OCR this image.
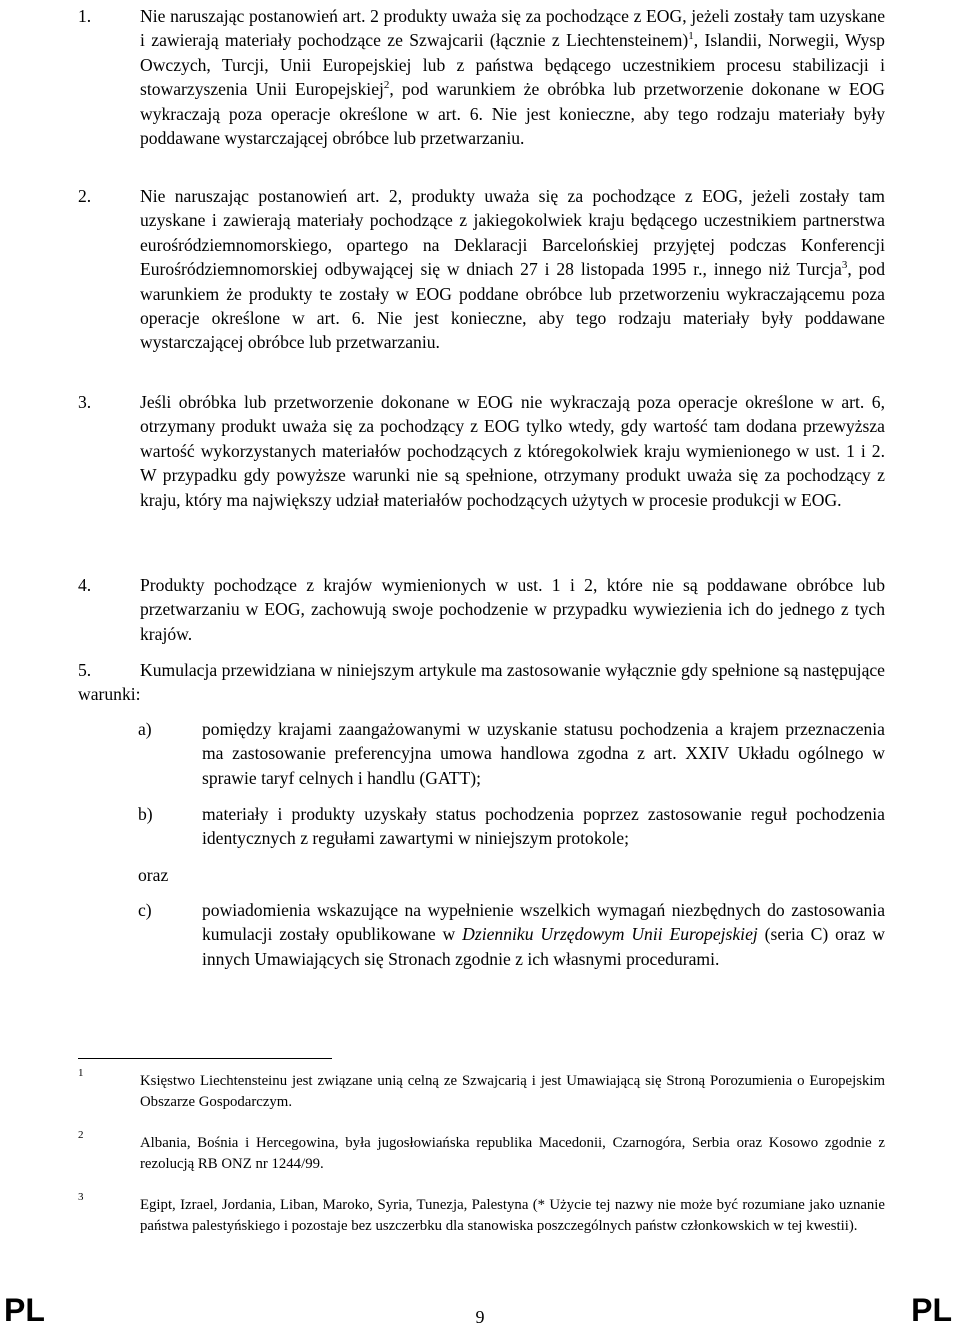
1.	Nie naruszając postanowień art. 2 produkty uważa się za pochodzące z EOG, jeżeli zostały tam uzyskane i zawierają materiały pochodzące ze Szwajcarii (łącznie z Liechtensteinem)$^1$, Islandii, Norwegii, Wysp Owczych, Turcji, Unii Europejskiej lub z państwa będącego uczestnikiem procesu stabilizacji i stowarzyszenia Unii Europejskiej$^2$, pod warunkiem że obróbka lub przetworzenie dokonane w EOG wykraczają poza operacje określone w art. 6. Nie jest konieczne, aby tego rodzaju materiały były poddawane wystarczającej obróbce lub przetwarzaniu.
2.	Nie naruszając postanowień art. 2, produkty uważa się za pochodzące z EOG, jeżeli zostały tam uzyskane i zawierają materiały pochodzące z jakiegokolwiek kraju będącego uczestnikiem partnerstwa eurośródziemnomorskiego, opartego na Deklaracji Barcelońskiej przyjętej podczas Konferencji Eurośródziemnomorskiej odbywającej się w dniach 27 i 28 listopada 1995 r., innego niż Turcja$^3$, pod warunkiem że produkty te zostały w EOG poddane obróbce lub przetworzeniu wykraczającemu poza operacje określone w art. 6. Nie jest konieczne, aby tego rodzaju materiały były poddawane wystarczającej obróbce lub przetwarzaniu.
3.	Jeśli obróbka lub przetworzenie dokonane w EOG nie wykraczają poza operacje określone w art. 6, otrzymany produkt uważa się za pochodzący z EOG tylko wtedy, gdy wartość tam dodana przewyższa wartość wykorzystanych materiałów pochodzących z któregokolwiek kraju wymienionego w ust. 1 i 2. W przypadku gdy powyższe warunki nie są spełnione, otrzymany produkt uważa się za pochodzący z kraju, który ma największy udział materiałów pochodzących użytych w procesie produkcji w EOG.
4.	Produkty pochodzące z krajów wymienionych w ust. 1 i 2, które nie są poddawane obróbce lub przetwarzaniu w EOG, zachowują swoje pochodzenie w przypadku wywiezienia ich do jednego z tych krajów.
5.	Kumulacja przewidziana w niniejszym artykule ma zastosowanie wyłącznie gdy spełnione są następujące warunki:
a)	pomiędzy krajami zaangażowanymi w uzyskanie statusu pochodzenia a krajem przeznaczenia ma zastosowanie preferencyjna umowa handlowa zgodna z art. XXIV Układu ogólnego w sprawie taryf celnych i handlu (GATT);
b)	materiały i produkty uzyskały status pochodzenia poprzez zastosowanie reguł pochodzenia identycznych z regułami zawartymi w niniejszym protokole;
oraz
c)	powiadomienia wskazujące na wypełnienie wszelkich wymagań niezbędnych do zastosowania kumulacji zostały opublikowane w Dzienniku Urzędowym Unii Europejskiej (seria C) oraz w innych Umawiających się Stronach zgodnie z ich własnymi procedurami.
1	Księstwo Liechtensteinu jest związane unią celną ze Szwajcarią i jest Umawiającą się Stroną Porozumienia o Europejskim Obszarze Gospodarczym.
2	Albania, Bośnia i Hercegowina, była jugosłowiańska republika Macedonii, Czarnogóra, Serbia oraz Kosowo zgodnie z rezolucją RB ONZ nr 1244/99.
3	Egipt, Izrael, Jordania, Liban, Maroko, Syria, Tunezja, Palestyna (* Użycie tej nazwy nie może być rozumiane jako uznanie państwa palestyńskiego i pozostaje bez uszczerbku dla stanowiska poszczególnych państw członkowskich w tej kwestii).
PL	9	PL
